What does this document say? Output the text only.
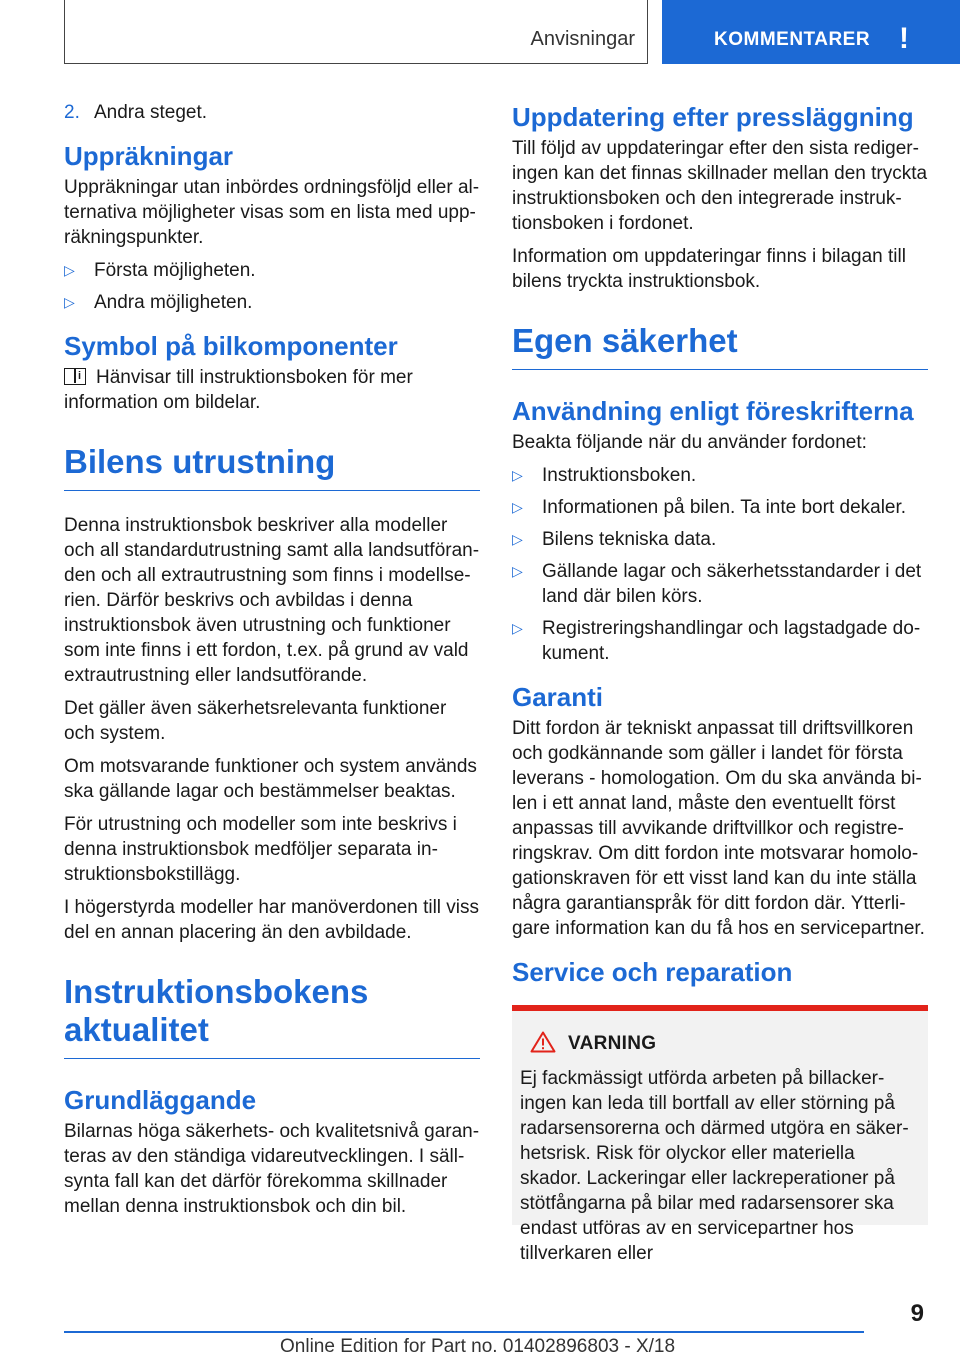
Anvisningar	KOMMENTARER !
2. Andra steget.
Uppräkningar

Uppräkningar utan inbördes ordningsföljd eller alternativa möjligheter visas som en lista med uppräkningspunkter.

▷ Första möjligheten.
▷ Andra möjligheten.
Symbol på bilkomponenter

i Hänvisar till instruktionsboken för mer information om bildelar.

Bilens utrustning

Denna instruktionsbok beskriver alla modeller och all standardutrustning samt alla landsutföranden och all extrautrustning som finns i modellserien. Därför beskrivs och avbildas i denna instruktionsbok även utrustning och funktioner som inte finns i ett fordon, t.ex. på grund av vald extrautrustning eller landsutförande.

Det gäller även säkerhetsrelevanta funktioner och system.

Om motsvarande funktioner och system används ska gällande lagar och bestämmelser beaktas.

För utrustning och modeller som inte beskrivs i denna instruktionsbok medföljer separata instruktionsbokstillägg.

I högerstyrda modeller har manöverdonen till viss del en annan placering än den avbildade.

Instruktionsbokens aktualitet
Grundläggande

Bilarnas höga säkerhets- och kvalitetsnivå garanteras av den ständiga vidareutvecklingen. I sällsynta fall kan det därför förekomma skillnader mellan denna instruktionsbok och din bil.

Uppdatering efter pressläggning

Till följd av uppdateringar efter den sista redigeringen kan det finnas skillnader mellan den tryckta instruktionsboken och den integrerade instruktionsboken i fordonet.

Information om uppdateringar finns i bilagan till bilens tryckta instruktionsbok.

Egen säkerhet
Användning enligt föreskrifterna

Beakta följande när du använder fordonet:

▷ Instruktionsboken.
▷ Informationen på bilen. Ta inte bort dekaler.
▷ Bilens tekniska data.
▷ Gällande lagar och säkerhetsstandarder i det land där bilen körs.
▷ Registreringshandlingar och lagstadgade dokument.
Garanti

Ditt fordon är tekniskt anpassat till driftsvillkoren och godkännande som gäller i landet för första leverans - homologation. Om du ska använda bilen i ett annat land, måste den eventuellt först anpassas till avvikande driftvillkor och registreringskrav. Om ditt fordon inte motsvarar homologationskraven för ett visst land kan du inte ställa några garantianspråk för ditt fordon där. Ytterligare information kan du få hos en servicepartner.

Service och reparation
VARNING

Ej fackmässigt utförda arbeten på billackeringen kan leda till bortfall av eller störning på radarsensorerna och därmed utgöra en säkerhetsrisk. Risk för olyckor eller materiella skador. Lackeringar eller lackreperationer på stötfångarna på bilar med radarsensorer ska endast utföras av en servicepartner hos tillverkaren eller

9
Online Edition for Part no. 01402896803 - X/18
